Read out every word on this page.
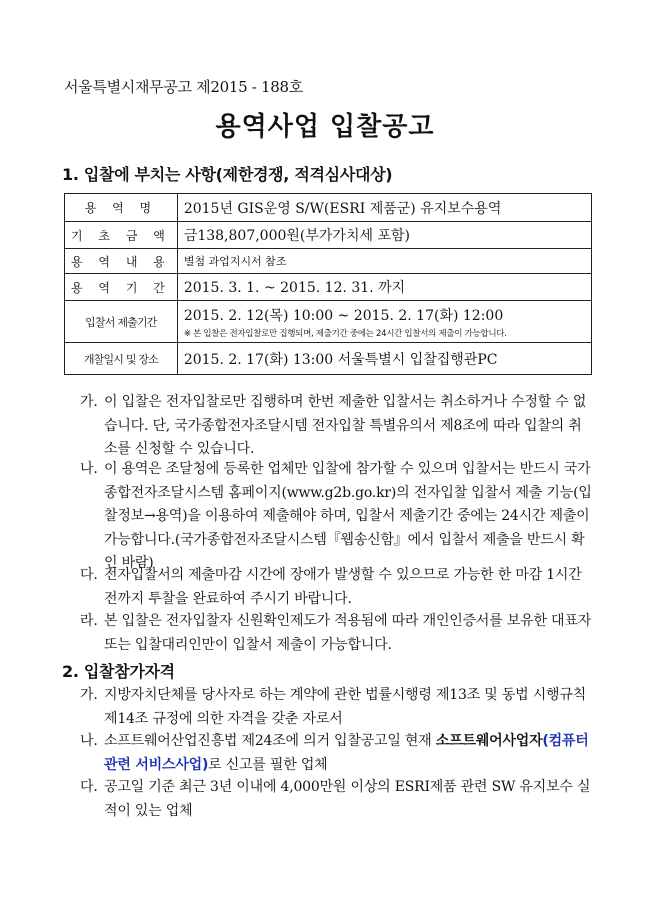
서울특별시재무공고 제2015 - 188호
용역사업 입찰공고
1. 입찰에 부치는 사항(제한경쟁, 적격심사대상)
용 역 명	2015년 GIS운영 S/W(ESRI 제품군) 유지보수용역
기 초 금 액	금138,807,000원(부가가치세 포함)
용 역 내 용	별첨 과업지시서 참조
용 역 기 간	2015. 3. 1. ~ 2015. 12. 31. 까지
입찰서 제출기간	2015. 2. 12(목) 10:00 ~ 2015. 2. 17(화) 12:00
※ 본 입찰은 전자입찰로만 집행되며, 제출기간 중에는 24시간 입찰서의 제출이 가능합니다.

개찰일시 및 장소	2015. 2. 17(화) 13:00 서울특별시 입찰집행관PC
가. 이 입찰은 전자입찰로만 집행하며 한번 제출한 입찰서는 취소하거나 수정할 수 없습니다. 단, 국가종합전자조달시템 전자입찰 특별유의서 제8조에 따라 입찰의 취소를 신청할 수 있습니다.
나. 이 용역은 조달청에 등록한 업체만 입찰에 참가할 수 있으며 입찰서는 반드시 국가종합전자조달시스템 홈페이지(www.g2b.go.kr)의 전자입찰 입찰서 제출 기능(입찰정보→용역)을 이용하여 제출해야 하며, 입찰서 제출기간 중에는 24시간 제출이 가능합니다.(국가종합전자조달시스템『웹송신함』에서 입찰서 제출을 반드시 확인 바람)
다. 전자입찰서의 제출마감 시간에 장애가 발생할 수 있으므로 가능한 한 마감 1시간 전까지 투찰을 완료하여 주시기 바랍니다.
라. 본 입찰은 전자입찰자 신원확인제도가 적용됨에 따라 개인인증서를 보유한 대표자 또는 입찰대리인만이 입찰서 제출이 가능합니다.
2. 입찰참가자격
가. 지방자치단체를 당사자로 하는 계약에 관한 법률시행령 제13조 및 동법 시행규칙 제14조 규정에 의한 자격을 갖춘 자로서
나. 소프트웨어산업진흥법 제24조에 의거 입찰공고일 현재 소프트웨어사업자(컴퓨터관련 서비스사업)로 신고를 필한 업체
다. 공고일 기준 최근 3년 이내에 4,000만원 이상의 ESRI제품 관련 SW 유지보수 실적이 있는 업체
